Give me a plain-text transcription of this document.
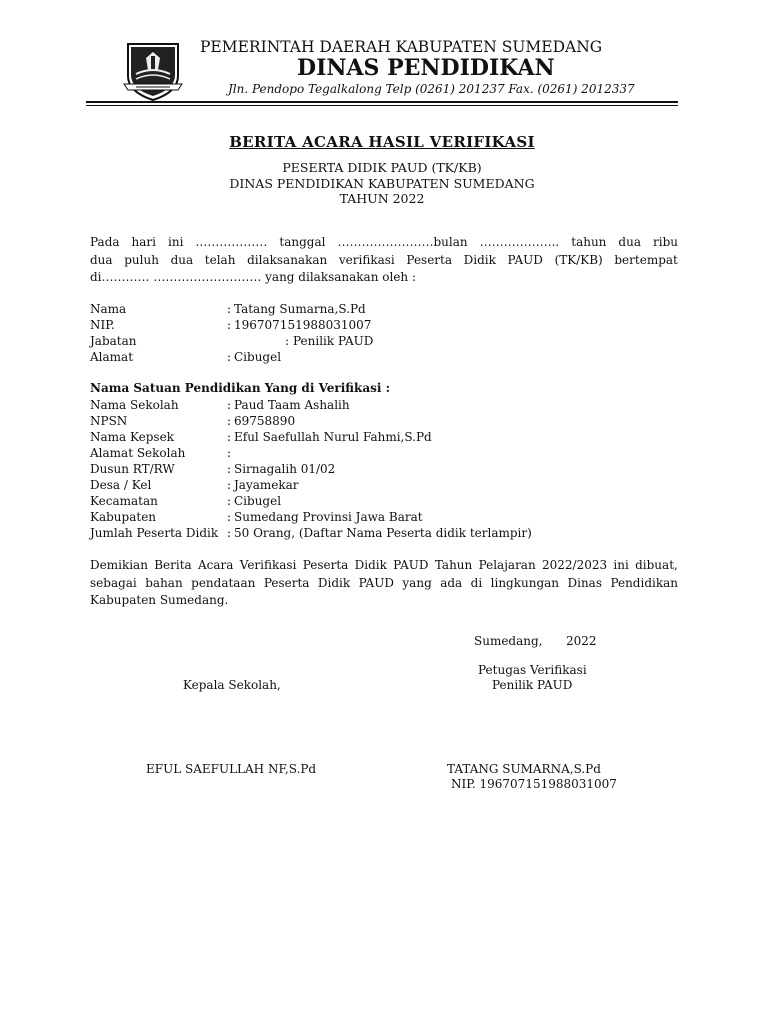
PEMERINTAH DAERAH KABUPATEN SUMEDANG
DINAS PENDIDIKAN
Jln. Pendopo Tegalkalong Telp (0261) 201237 Fax. (0261) 2012337
BERITA ACARA HASIL VERIFIKASI
PESERTA DIDIK PAUD (TK/KB)
DINAS PENDIDIKAN KABUPATEN SUMEDANG
TAHUN 2022
Pada hari ini ……………… tanggal ……………………bulan ……………….. tahun dua ribu
dua puluh dua telah dilaksanakan verifikasi Peserta Didik PAUD (TK/KB) bertempat
di………… ……………………… yang dilaksanakan oleh :
Nama	: Tatang Sumarna,S.Pd
NIP.	: 196707151988031007
Jabatan	: Penilik PAUD
Alamat	: Cibugel
Nama Satuan Pendidikan Yang di Verifikasi :
Nama Sekolah	: Paud Taam Ashalih
NPSN	: 69758890
Nama Kepsek	: Eful Saefullah Nurul Fahmi,S.Pd
Alamat Sekolah	:
Dusun RT/RW	: Sirnagalih 01/02
Desa / Kel	: Jayamekar
Kecamatan	: Cibugel
Kabupaten	: Sumedang Provinsi Jawa Barat
Jumlah Peserta Didik : 50 Orang, (Daftar Nama Peserta didik terlampir)
Demikian Berita Acara Verifikasi Peserta Didik PAUD Tahun Pelajaran 2022/2023 ini dibuat,
sebagai bahan pendataan Peserta Didik PAUD yang ada di lingkungan Dinas Pendidikan
Kabupaten Sumedang.
Sumedang, 2022
Petugas Verifikasi
Penilik PAUD
Kepala Sekolah,
EFUL SAEFULLAH NF,S.Pd	TATANG SUMARNA,S.Pd
NIP. 196707151988031007
